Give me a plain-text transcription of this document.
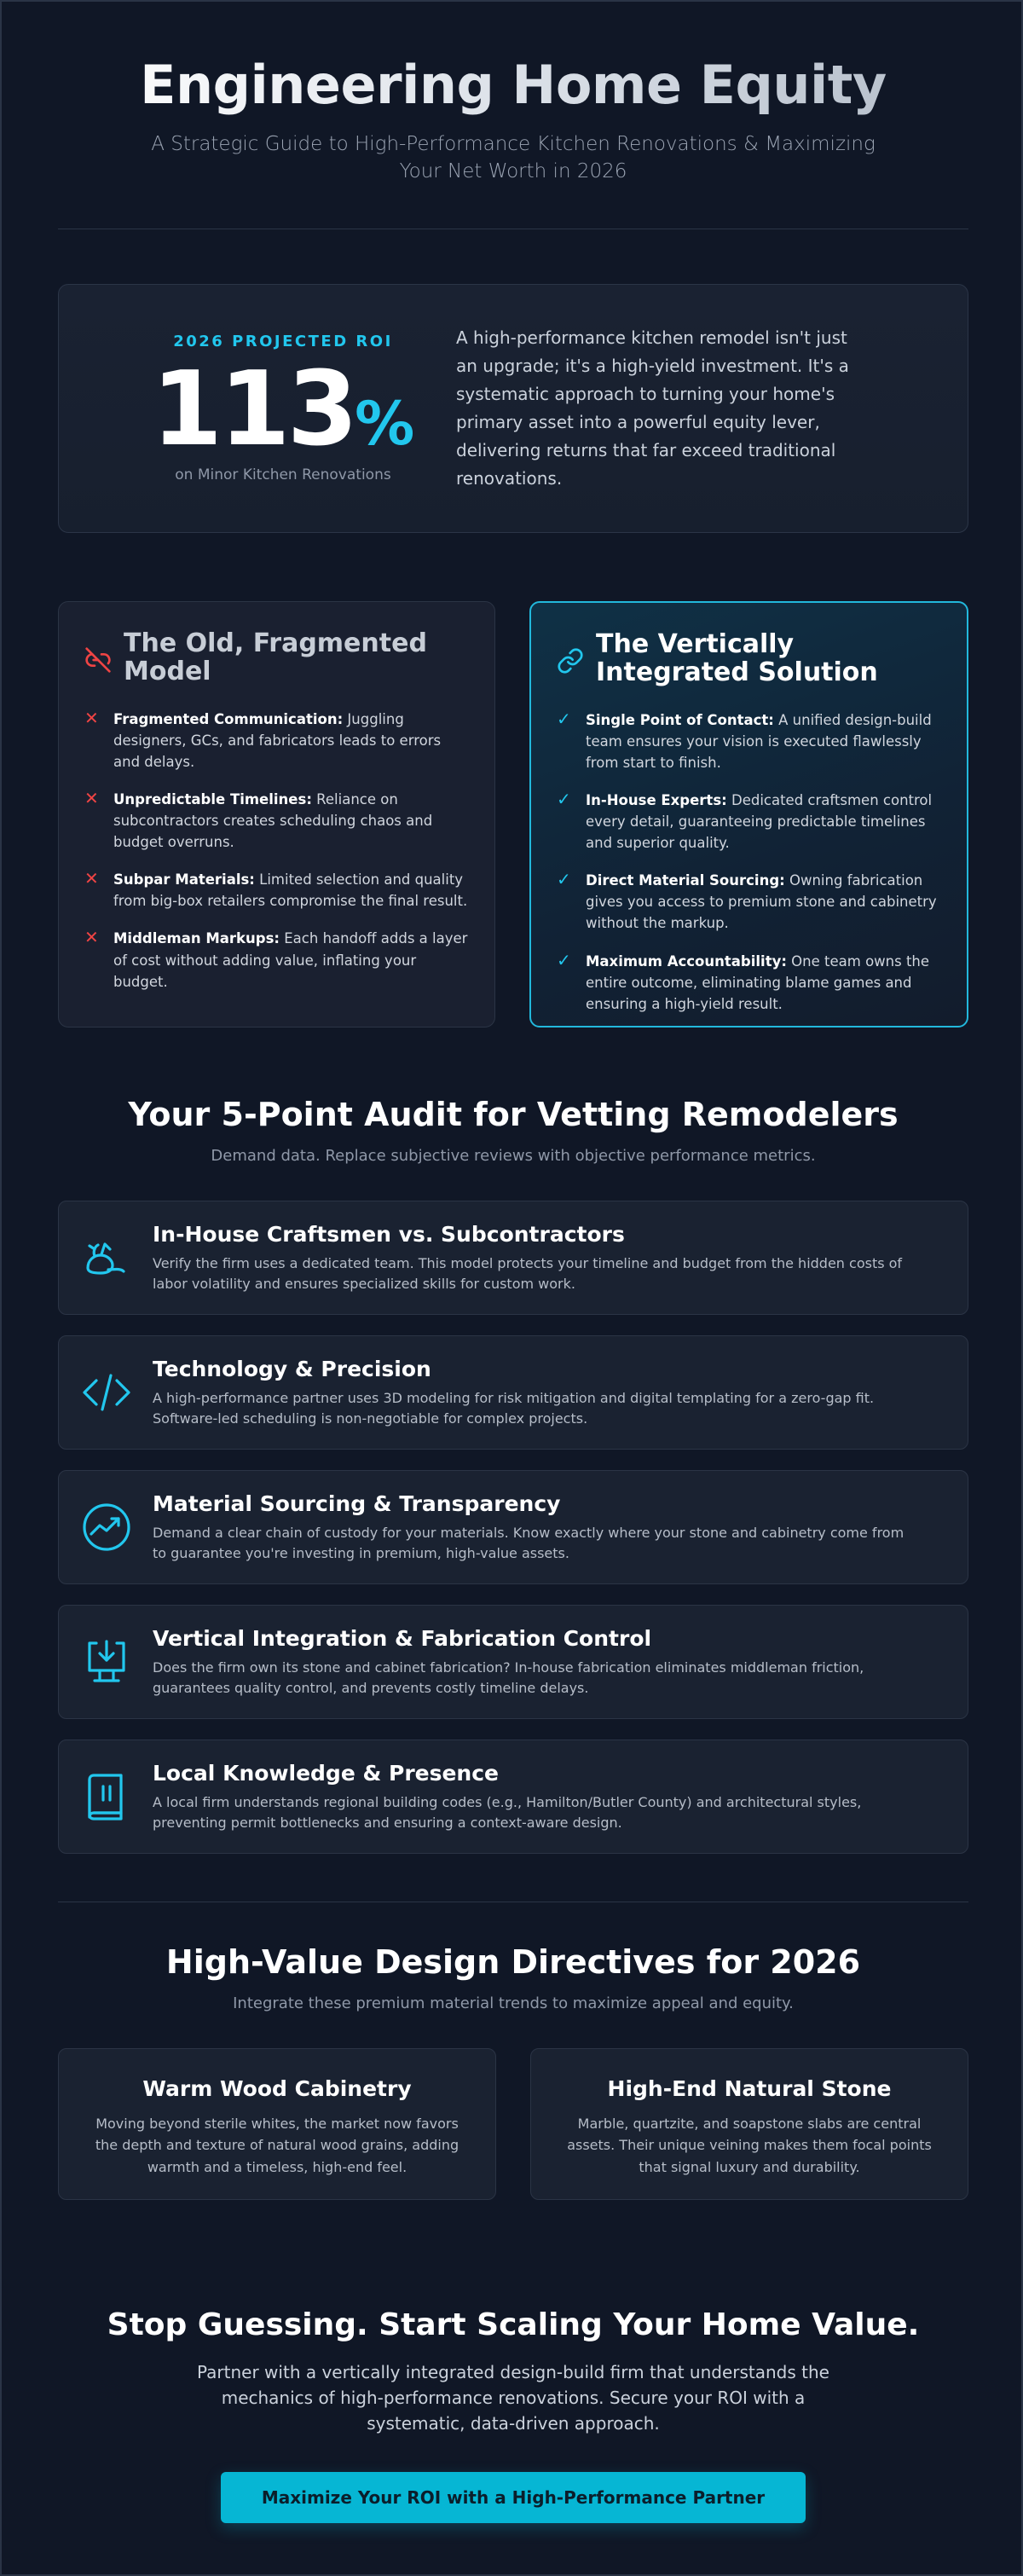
Engineering Home Equity

A Strategic Guide to High-Performance Kitchen Renovations & Maximizing Your Net Worth in 2026

2026 PROJECTED ROI
113%
on Minor Kitchen Renovations

A high-performance kitchen remodel isn't just an upgrade; it's a high-yield investment. It's a systematic approach to turning your home's primary asset into a powerful equity lever, delivering returns that far exceed traditional renovations.

The Old, Fragmented Model
✕ Fragmented Communication: Juggling designers, GCs, and fabricators leads to errors and delays.
✕ Unpredictable Timelines: Reliance on subcontractors creates scheduling chaos and budget overruns.
✕ Subpar Materials: Limited selection and quality from big-box retailers compromise the final result.
✕ Middleman Markups: Each handoff adds a layer of cost without adding value, inflating your budget.
The Vertically Integrated Solution
✓ Single Point of Contact: A unified design-build team ensures your vision is executed flawlessly from start to finish.
✓ In-House Experts: Dedicated craftsmen control every detail, guaranteeing predictable timelines and superior quality.
✓ Direct Material Sourcing: Owning fabrication gives you access to premium stone and cabinetry without the markup.
✓ Maximum Accountability: One team owns the entire outcome, eliminating blame games and ensuring a high-yield result.
Your 5-Point Audit for Vetting Remodelers

Demand data. Replace subjective reviews with objective performance metrics.

In-House Craftsmen vs. Subcontractors

Verify the firm uses a dedicated team. This model protects your timeline and budget from the hidden costs of labor volatility and ensures specialized skills for custom work.

Technology & Precision

A high-performance partner uses 3D modeling for risk mitigation and digital templating for a zero-gap fit. Software-led scheduling is non-negotiable for complex projects.

Material Sourcing & Transparency

Demand a clear chain of custody for your materials. Know exactly where your stone and cabinetry come from to guarantee you're investing in premium, high-value assets.

Vertical Integration & Fabrication Control

Does the firm own its stone and cabinet fabrication? In-house fabrication eliminates middleman friction, guarantees quality control, and prevents costly timeline delays.

Local Knowledge & Presence

A local firm understands regional building codes (e.g., Hamilton/Butler County) and architectural styles, preventing permit bottlenecks and ensuring a context-aware design.

High-Value Design Directives for 2026

Integrate these premium material trends to maximize appeal and equity.

Warm Wood Cabinetry

Moving beyond sterile whites, the market now favors the depth and texture of natural wood grains, adding warmth and a timeless, high-end feel.

High-End Natural Stone

Marble, quartzite, and soapstone slabs are central assets. Their unique veining makes them focal points that signal luxury and durability.

Stop Guessing. Start Scaling Your Home Value.

Partner with a vertically integrated design-build firm that understands the mechanics of high-performance renovations. Secure your ROI with a systematic, data-driven approach.

Maximize Your ROI with a High-Performance Partner
